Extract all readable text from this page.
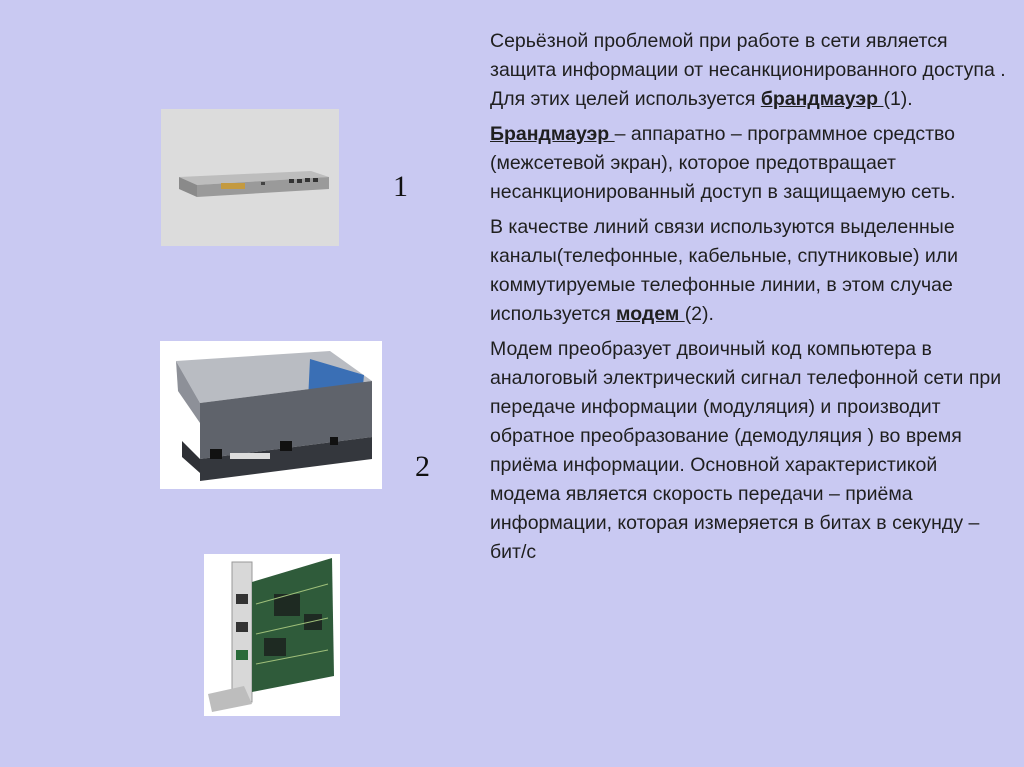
1
2

Серьёзной проблемой при работе в сети является защита информации от несанкционированного доступа . Для этих целей используется брандмауэр (1).

Брандмауэр – аппаратно – программное средство (межсетевой экран), которое предотвращает несанкционированный доступ в защищаемую сеть.

В качестве линий связи используются выделенные каналы(телефонные, кабельные, спутниковые) или коммутируемые телефонные линии, в этом случае используется модем (2).

Модем преобразует двоичный код компьютера в аналоговый электрический сигнал телефонной сети при передаче информации (модуляция) и производит обратное преобразование (демодуляция ) во время приёма информации. Основной характеристикой модема является скорость передачи – приёма информации, которая измеряется в битах в секунду –бит/с
